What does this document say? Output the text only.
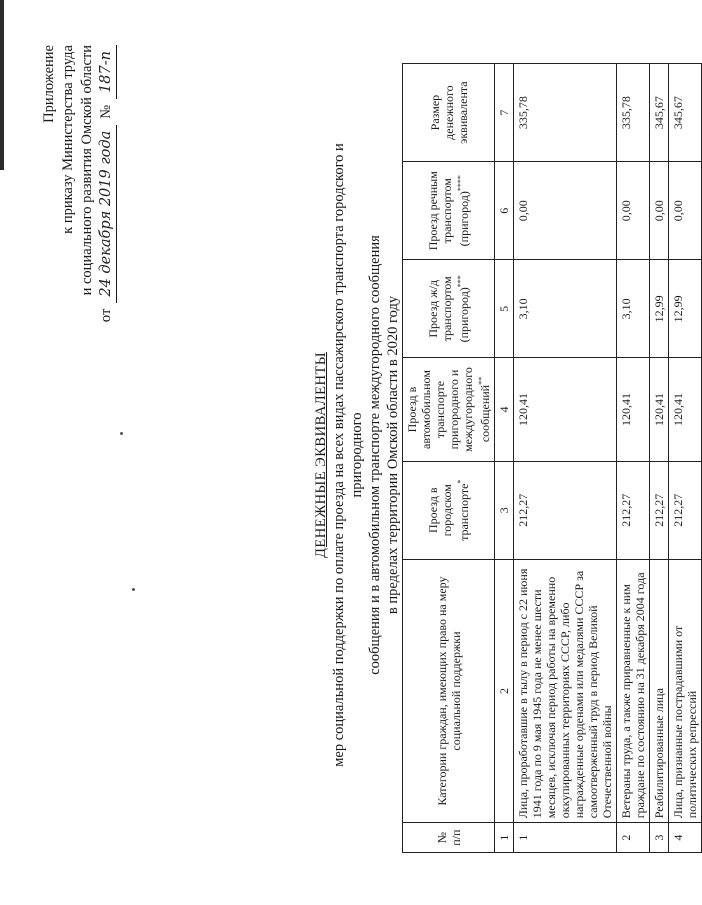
Приложение к приказу Министерства труда и социального развития Омской области
от
24 декабря 2019 года
№
187-п
ДЕНЕЖНЫЕ ЭКВИВАЛЕНТЫ мер социальной поддержки по оплате проезда на всех видах пассажирского транспорта городского и пригородного сообщения и в автомобильном транспорте междугородного сообщения в пределах территории Омской области в 2020 году
№ п/п	Категории граждан, имеющих право на меру социальной поддержки	Проезд в городском транспорте*	Проезд в автомобильном транспорте пригородного и междугородного сообщений**	Проезд ж/д транспортом (пригород)***	Проезд речным транспортом (пригород)****	Размер денежного эквивалента
1	2	3	4	5	6	7
1	Лица, проработавшие в тылу в период с 22 июня 1941 года по 9 мая 1945 года не менее шести месяцев, исключая период работы на временно оккупированных территориях СССР, либо награжденные орденами или медалями СССР за самоотверженный труд в период Великой Отечественной войны	212,27	120,41	3,10	0,00	335,78
2	Ветераны труда, а также приравненные к ним граждане по состоянию на 31 декабря 2004 года	212,27	120,41	3,10	0,00	335,78
3	Реабилитированные лица	212,27	120,41	12,99	0,00	345,67
4	Лица, признанные пострадавшими от политических репрессий	212,27	120,41	12,99	0,00	345,67
